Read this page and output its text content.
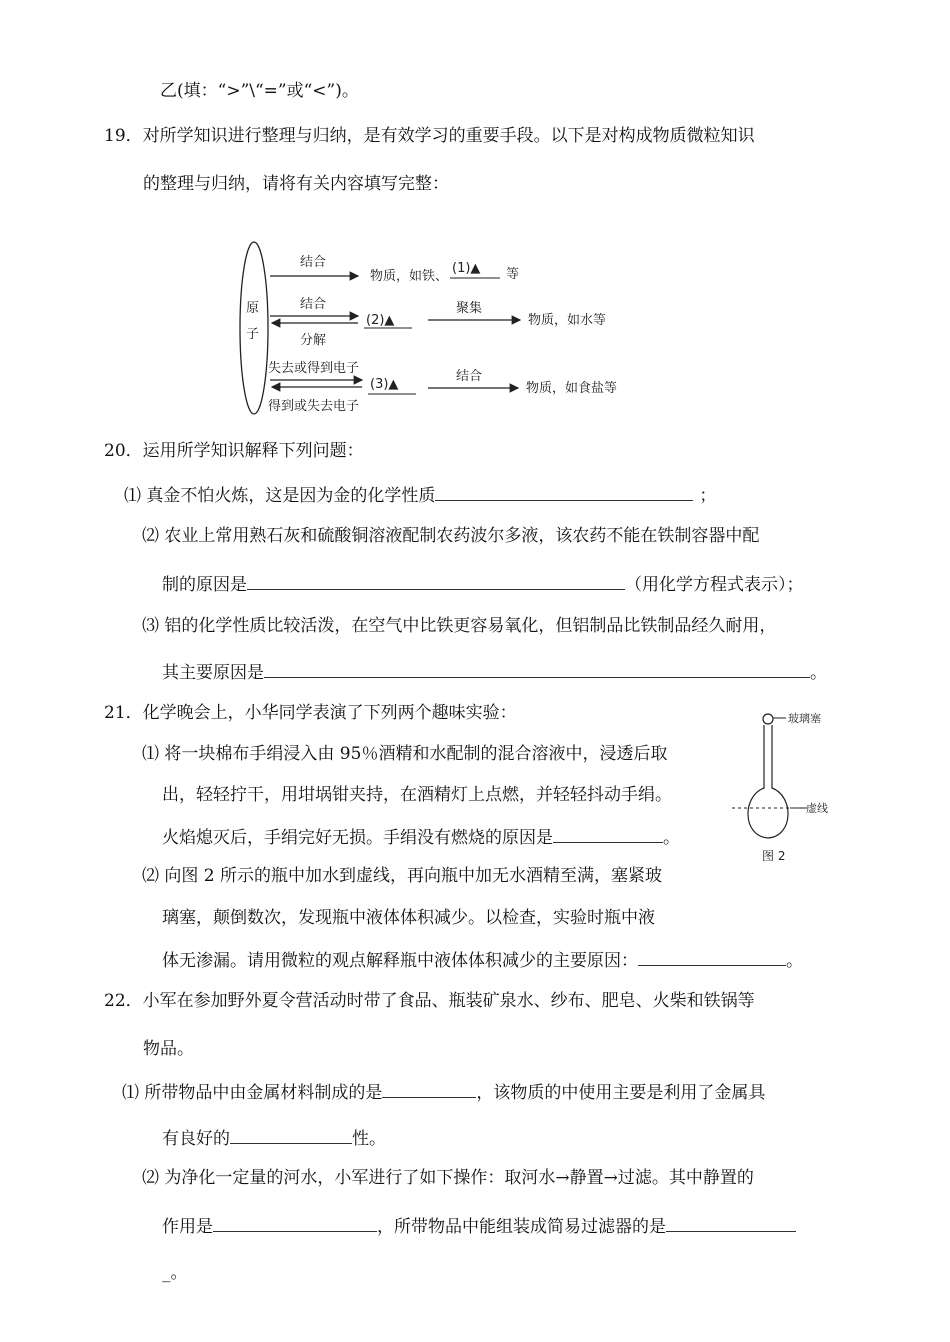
乙(填：“>”\“=”或“<”)。
19．对所学知识进行整理与归纳，是有效学习的重要手段。以下是对构成物质微粒知识
的整理与归纳，请将有关内容填写完整：
原
子
结合
物质，如铁、
(1)▲ 等
结合
分解
(2)▲
聚集
物质，如水等
失去或得到电子
得到或失去电子
(3)▲
结合
物质，如食盐等
20．运用所学知识解释下列问题：
⑴ 真金不怕火炼，这是因为金的化学性质	；
⑵ 农业上常用熟石灰和硫酸铜溶液配制农药波尔多液，该农药不能在铁制容器中配
制的原因是	（用化学方程式表示）；
⑶ 铝的化学性质比较活泼，在空气中比铁更容易氧化，但铝制品比铁制品经久耐用，
其主要原因是	。
21．化学晚会上，小华同学表演了下列两个趣味实验：
⑴ 将一块棉布手绢浸入由 95％酒精和水配制的混合溶液中，浸透后取
出，轻轻拧干，用坩埚钳夹持，在酒精灯上点燃，并轻轻抖动手绢。
火焰熄灭后，手绢完好无损。手绢没有燃烧的原因是	。
⑵ 向图 2 所示的瓶中加水到虚线，再向瓶中加无水酒精至满，塞紧玻
璃塞，颠倒数次，发现瓶中液体体积减少。以检查，实验时瓶中液
体无渗漏。请用微粒的观点解释瓶中液体体积减少的主要原因：	。
玻璃塞
虚线
图 2
22．小军在参加野外夏令营活动时带了食品、瓶装矿泉水、纱布、肥皂、火柴和铁锅等
物品。
⑴ 所带物品中由金属材料制成的是	，该物质的中使用主要是利用了金属具
有良好的	性。
⑵ 为净化一定量的河水，小军进行了如下操作：取河水→静置→过滤。其中静置的
作用是	，所带物品中能组装成简易过滤器的是
_。
